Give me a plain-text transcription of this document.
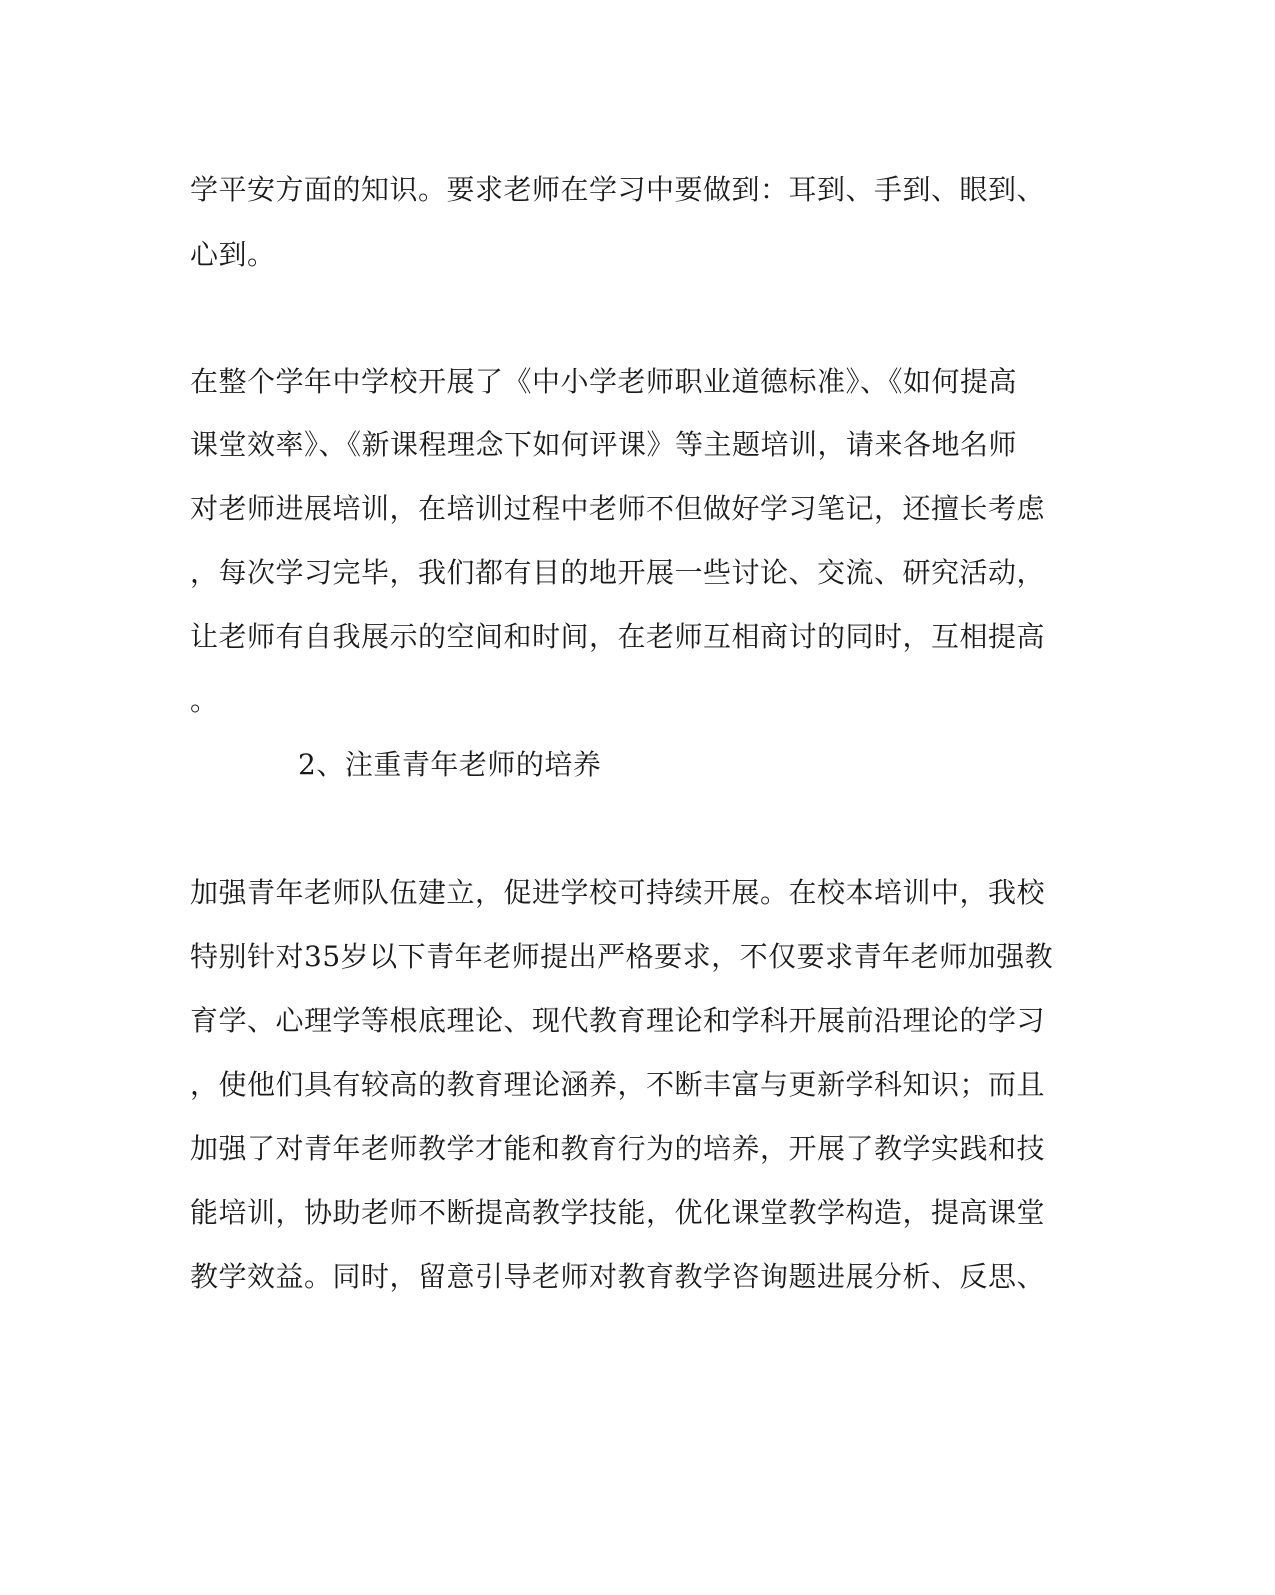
学平安方面的知识。要求老师在学习中要做到：耳到、手到、眼到、
心到。
在整个学年中学校开展了《中小学老师职业道德标准》、《如何提高
课堂效率》、《新课程理念下如何评课》等主题培训，请来各地名师
对老师进展培训，在培训过程中老师不但做好学习笔记，还擅长考虑
，每次学习完毕，我们都有目的地开展一些讨论、交流、研究活动，
让老师有自我展示的空间和时间，在老师互相商讨的同时，互相提高
。
2、注重青年老师的培养
加强青年老师队伍建立，促进学校可持续开展。在校本培训中，我校
特别针对35岁以下青年老师提出严格要求，不仅要求青年老师加强教
育学、心理学等根底理论、现代教育理论和学科开展前沿理论的学习
，使他们具有较高的教育理论涵养，不断丰富与更新学科知识；而且
加强了对青年老师教学才能和教育行为的培养，开展了教学实践和技
能培训，协助老师不断提高教学技能，优化课堂教学构造，提高课堂
教学效益。同时，留意引导老师对教育教学咨询题进展分析、反思、
